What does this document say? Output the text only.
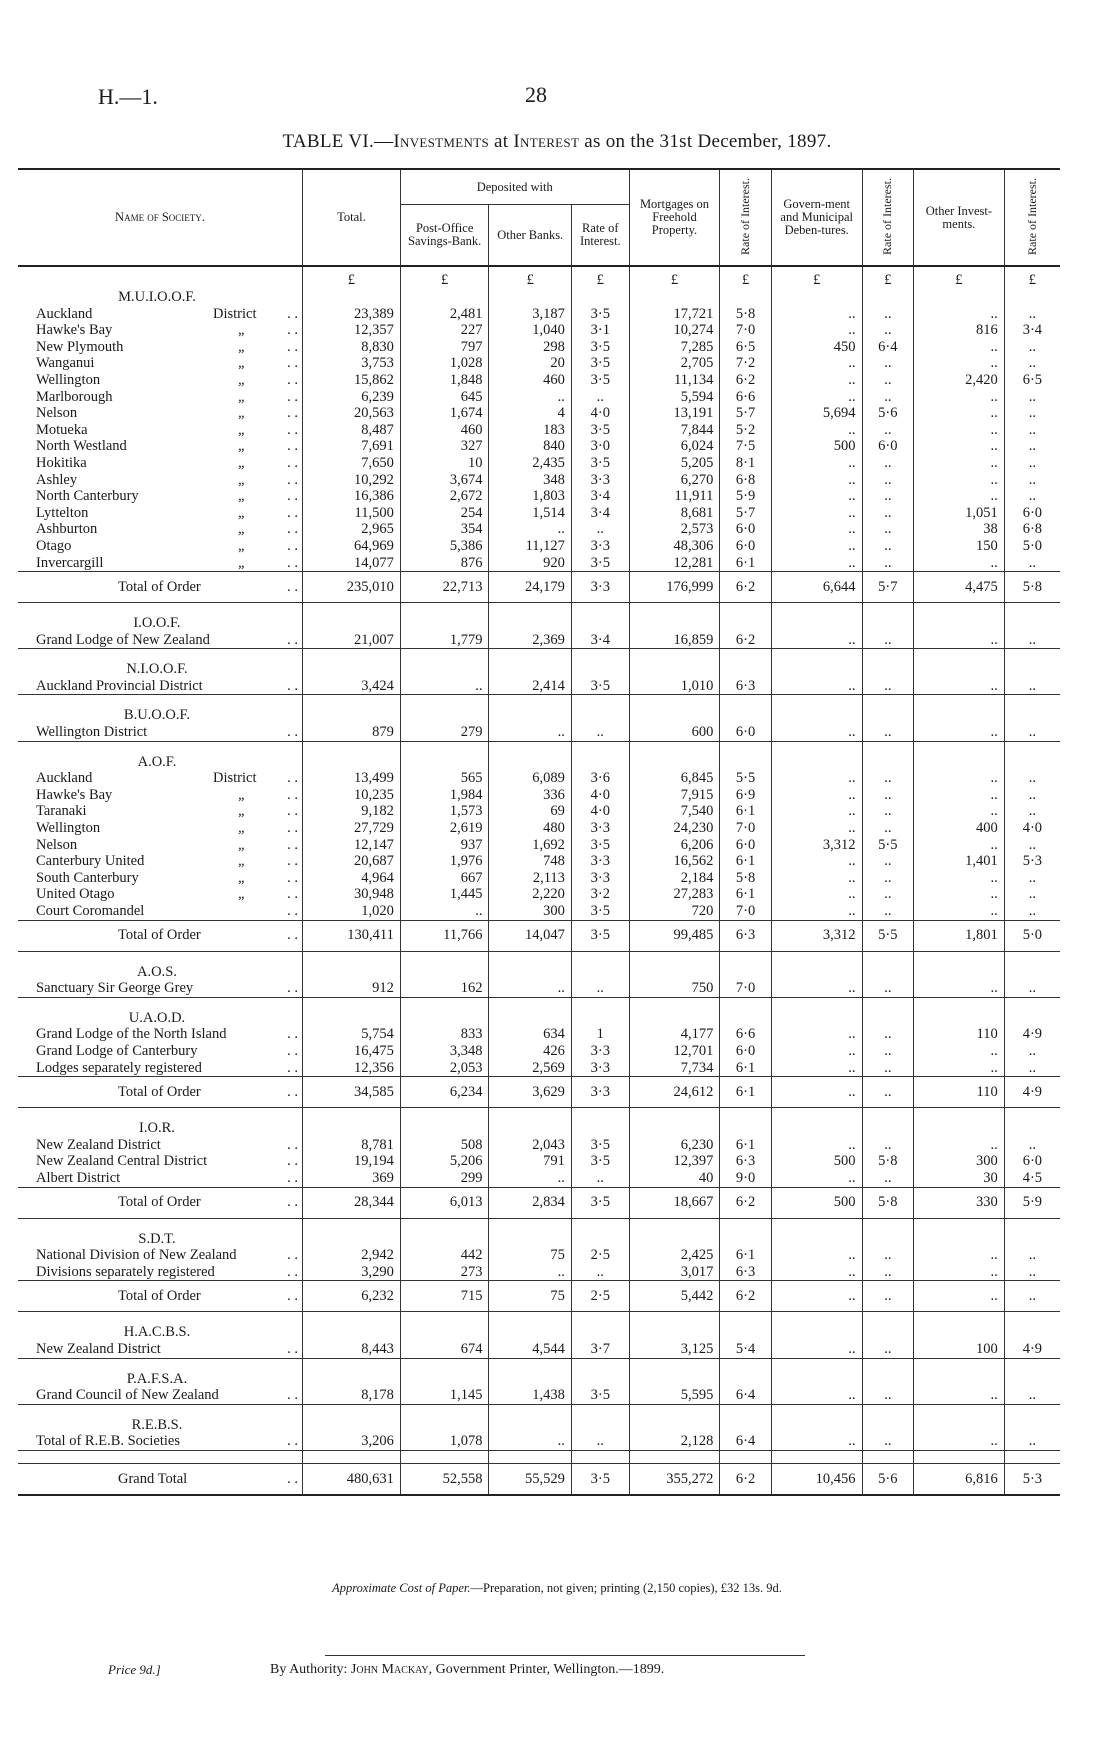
H.—1.	28
TABLE VI.—Investments at Interest as on the 31st December, 1897.
Name of Society.	Total.	Deposited with			Mortgages on Freehold Property.	Rate of Interest.	Govern-ment and Municipal Deben-tures.	Rate of Interest.	Other Invest-ments.	Rate of Interest.
		Post-Office Savings-Bank.	Other Banks.	Rate of Interest.						
	£	£	£	£	£	£	£	£	£	£
M.U.I.O.O.F.										
Auckland District . .	23,389	2,481	3,187	3·5	17,721	5·8	..	..	..	..
Hawke's Bay „ . .	12,357	227	1,040	3·1	10,274	7·0	..	..	816	3·4
New Plymouth „ . .	8,830	797	298	3·5	7,285	6·5	450	6·4	..	..
Wanganui „ . .	3,753	1,028	20	3·5	2,705	7·2	..	..	..	..
Wellington „ . .	15,862	1,848	460	3·5	11,134	6·2	..	..	2,420	6·5
Marlborough „ . .	6,239	645	..	..	5,594	6·6	..	..	..	..
Nelson „ . .	20,563	1,674	4	4·0	13,191	5·7	5,694	5·6	..	..
Motueka „ . .	8,487	460	183	3·5	7,844	5·2	..	..	..	..
North Westland „ . .	7,691	327	840	3·0	6,024	7·5	500	6·0	..	..
Hokitika „ . .	7,650	10	2,435	3·5	5,205	8·1	..	..	..	..
Ashley „ . .	10,292	3,674	348	3·3	6,270	6·8	..	..	..	..
North Canterbury „ . .	16,386	2,672	1,803	3·4	11,911	5·9	..	..	..	..
Lyttelton „ . .	11,500	254	1,514	3·4	8,681	5·7	..	..	1,051	6·0
Ashburton „ . .	2,965	354	..	..	2,573	6·0	..	..	38	6·8
Otago „ . .	64,969	5,386	11,127	3·3	48,306	6·0	..	..	150	5·0
Invercargill „ . .	14,077	876	920	3·5	12,281	6·1	..	..	..	..
Total of Order . .	235,010	22,713	24,179	3·3	176,999	6·2	6,644	5·7	4,475	5·8

I.O.O.F.										
Grand Lodge of New Zealand . .	21,007	1,779	2,369	3·4	16,859	6·2	..	..	..	..

N.I.O.O.F.										
Auckland Provincial District . .	3,424	..	2,414	3·5	1,010	6·3	..	..	..	..

B.U.O.O.F.										
Wellington District . .	879	279	..	..	600	6·0	..	..	..	..

A.O.F.										
Auckland District . .	13,499	565	6,089	3·6	6,845	5·5	..	..	..	..
Hawke's Bay „ . .	10,235	1,984	336	4·0	7,915	6·9	..	..	..	..
Taranaki „ . .	9,182	1,573	69	4·0	7,540	6·1	..	..	..	..
Wellington „ . .	27,729	2,619	480	3·3	24,230	7·0	..	..	400	4·0
Nelson „ . .	12,147	937	1,692	3·5	6,206	6·0	3,312	5·5	..	..
Canterbury United „ . .	20,687	1,976	748	3·3	16,562	6·1	..	..	1,401	5·3
South Canterbury „ . .	4,964	667	2,113	3·3	2,184	5·8	..	..	..	..
United Otago „ . .	30,948	1,445	2,220	3·2	27,283	6·1	..	..	..	..
Court Coromandel . .	1,020	..	300	3·5	720	7·0	..	..	..	..
Total of Order . .	130,411	11,766	14,047	3·5	99,485	6·3	3,312	5·5	1,801	5·0

A.O.S.										
Sanctuary Sir George Grey . .	912	162	..	..	750	7·0	..	..	..	..

U.A.O.D.										
Grand Lodge of the North Island . .	5,754	833	634	1	4,177	6·6	..	..	110	4·9
Grand Lodge of Canterbury . .	16,475	3,348	426	3·3	12,701	6·0	..	..	..	..
Lodges separately registered . .	12,356	2,053	2,569	3·3	7,734	6·1	..	..	..	..
Total of Order . .	34,585	6,234	3,629	3·3	24,612	6·1	..	..	110	4·9

I.O.R.										
New Zealand District . .	8,781	508	2,043	3·5	6,230	6·1	..	..	..	..
New Zealand Central District . .	19,194	5,206	791	3·5	12,397	6·3	500	5·8	300	6·0
Albert District . .	369	299	..	..	40	9·0	..	..	30	4·5
Total of Order . .	28,344	6,013	2,834	3·5	18,667	6·2	500	5·8	330	5·9

S.D.T.										
National Division of New Zealand . .	2,942	442	75	2·5	2,425	6·1	..	..	..	..
Divisions separately registered . .	3,290	273	..	..	3,017	6·3	..	..	..	..
Total of Order . .	6,232	715	75	2·5	5,442	6·2	..	..	..	..

H.A.C.B.S.										
New Zealand District . .	8,443	674	4,544	3·7	3,125	5·4	..	..	100	4·9

P.A.F.S.A.										
Grand Council of New Zealand . .	8,178	1,145	1,438	3·5	5,595	6·4	..	..	..	..

R.E.B.S.										
Total of R.E.B. Societies . .	3,206	1,078	..	..	2,128	6·4	..	..	..	..

Grand Total . .	480,631	52,558	55,529	3·5	355,272	6·2	10,456	5·6	6,816	5·3
Approximate Cost of Paper.—Preparation, not given; printing (2,150 copies), £32 13s. 9d.
Price 9d.]	By Authority: John Mackay, Government Printer, Wellington.—1899.
